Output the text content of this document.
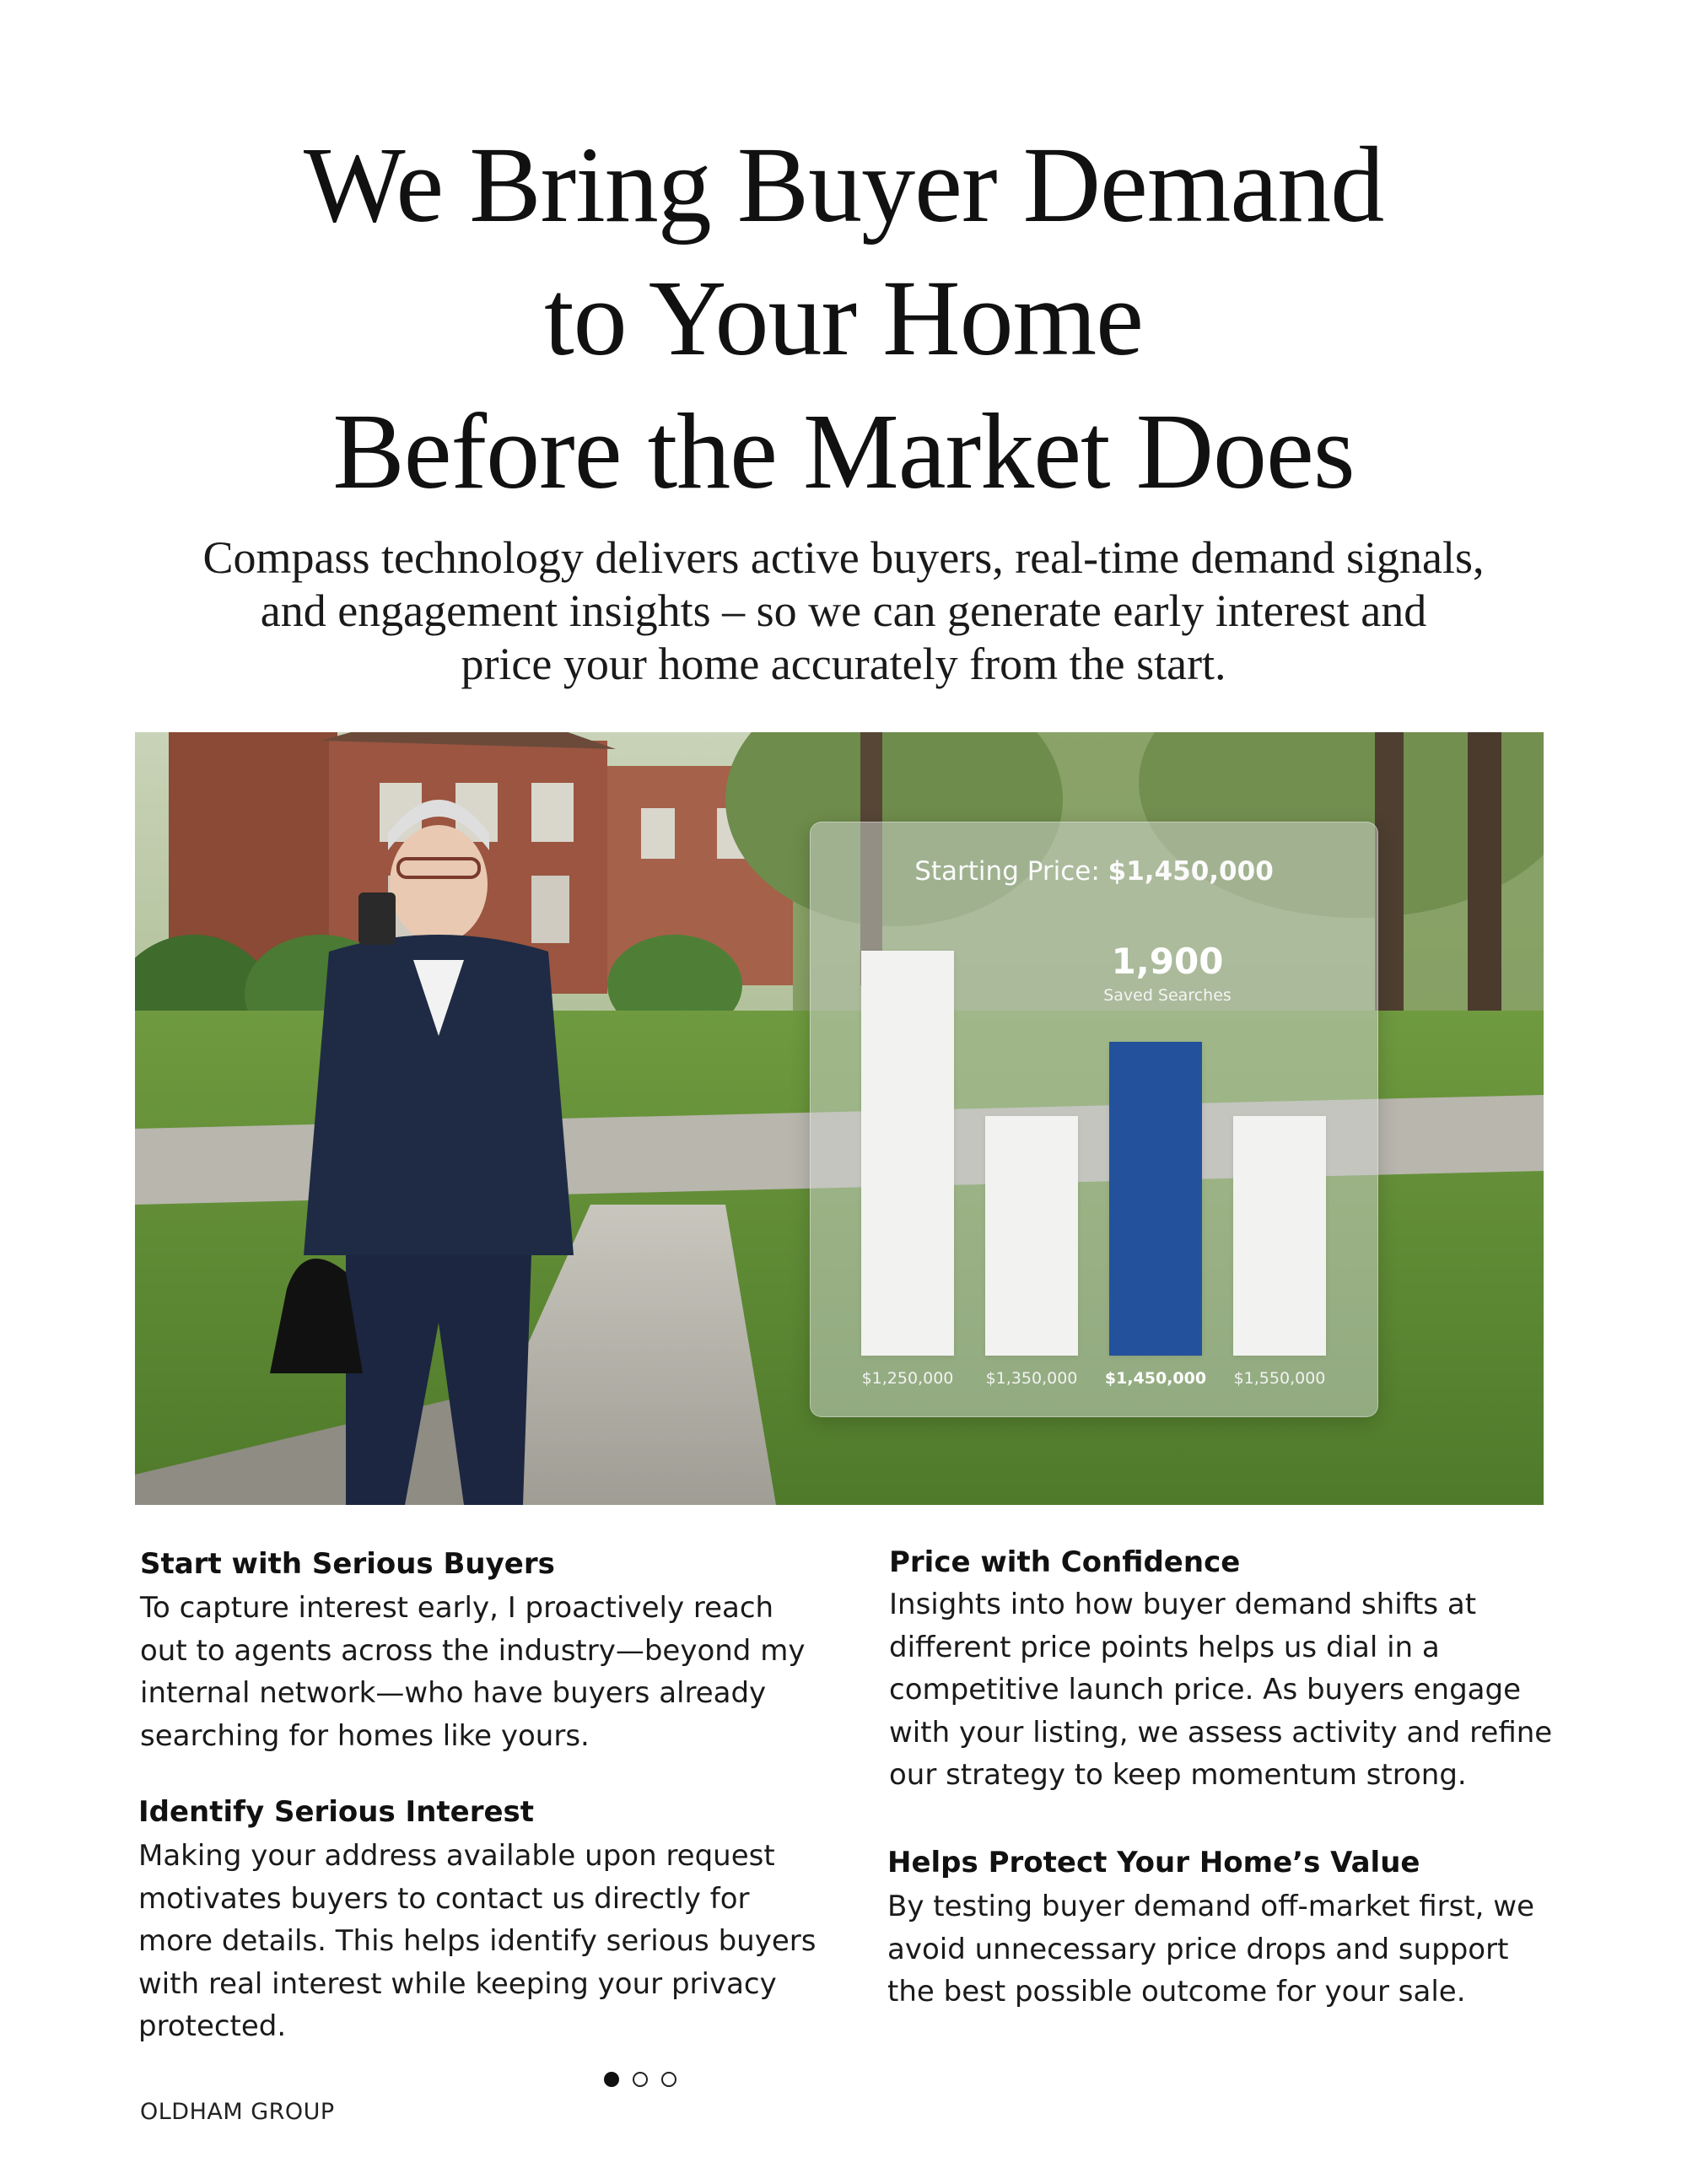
We Bring Buyer Demand
to Your Home
Before the Market Does

Compass technology delivers active buyers, real-time demand signals,
and engagement insights – so we can generate early interest and
price your home accurately from the start.

Starting Price: $1,450,000
1,900
Saved Searches
$1,250,000	$1,350,000	$1,450,000	$1,550,000
Start with Serious Buyers
To capture interest early, I proactively reach
out to agents across the industry—beyond my
internal network—who have buyers already
searching for homes like yours.
Identify Serious Interest
Making your address available upon request
motivates buyers to contact us directly for
more details. This helps identify serious buyers
with real interest while keeping your privacy
protected.
Price with Confidence
Insights into how buyer demand shifts at
different price points helps us dial in a
competitive launch price. As buyers engage
with your listing, we assess activity and refine
our strategy to keep momentum strong.
Helps Protect Your Home’s Value
By testing buyer demand off-market first, we
avoid unnecessary price drops and support
the best possible outcome for your sale.

OLDHAM GROUP
